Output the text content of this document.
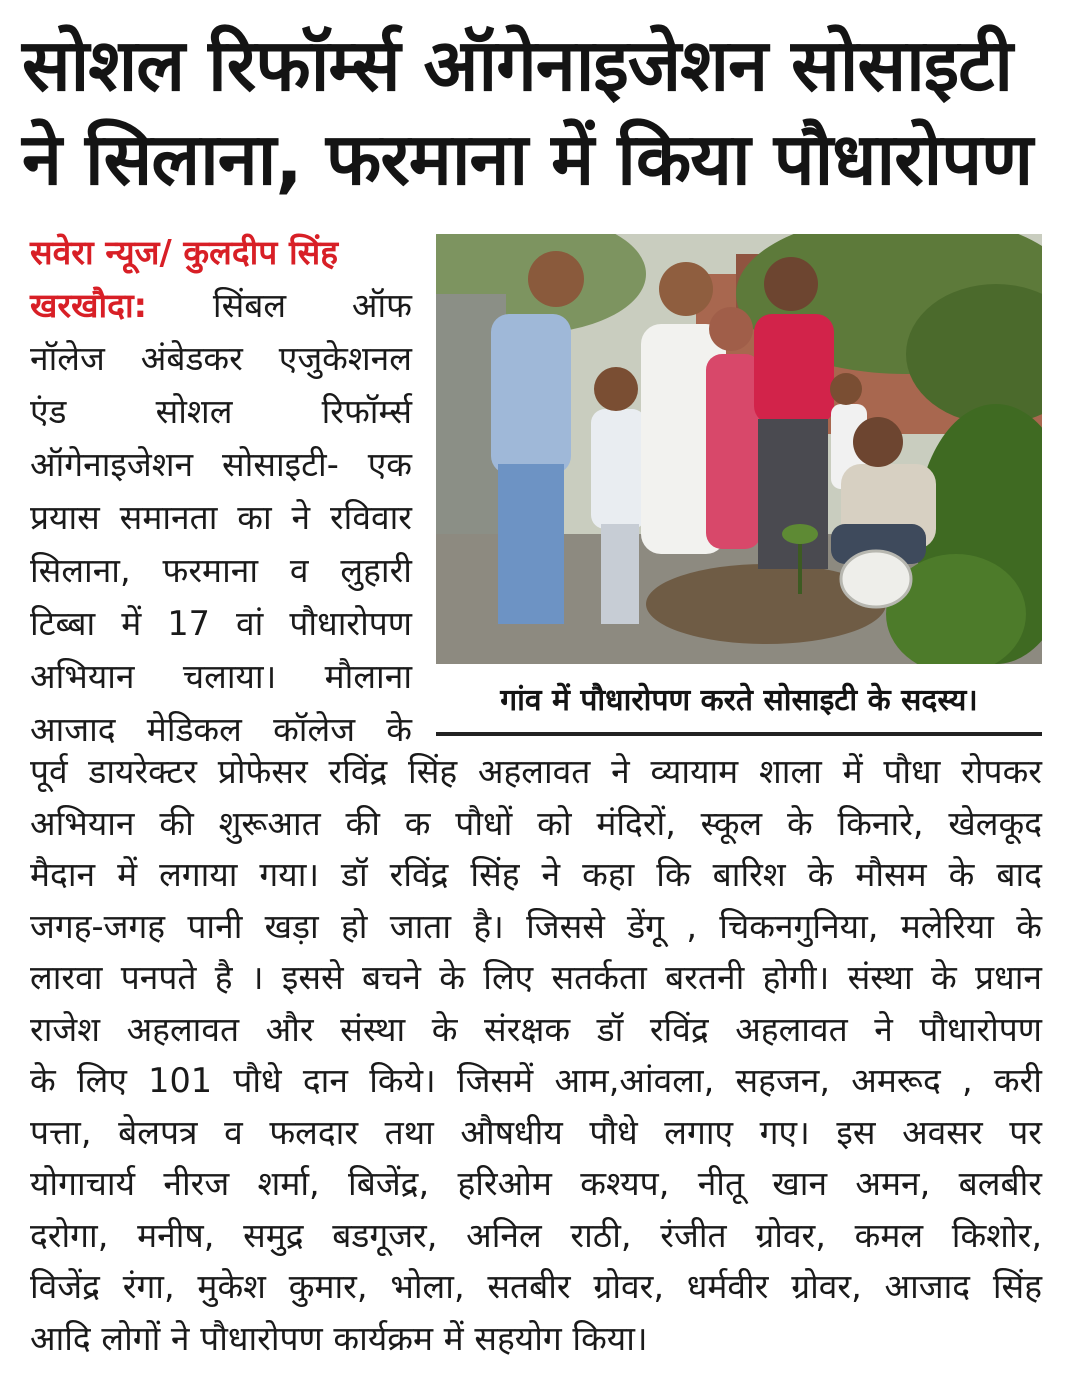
सोशल रिफॉर्म्स ऑगेनाइजेशन सोसाइटी
ने सिलाना, फरमाना में किया पौधारोपण
सवेरा न्यूज/ कुलदीप सिंह
खरखौदा: सिंबल ऑफ
नॉलेज अंबेडकर एजुकेशनल
एंड सोशल रिफॉर्म्स
ऑगेनाइजेशन सोसाइटी- एक
प्रयास समानता का ने रविवार
सिलाना, फरमाना व लुहारी
टिब्बा में 17 वां पौधारोपण
अभियान चलाया। मौलाना
आजाद मेडिकल कॉलेज के
गांव में पौधारोपण करते सोसाइटी के सदस्य।
पूर्व डायरेक्टर प्रोफेसर रविंद्र सिंह अहलावत ने व्यायाम शाला में पौधा रोपकर
अभियान की शुरूआत की क पौधों को मंदिरों, स्कूल के किनारे, खेलकूद
मैदान में लगाया गया। डॉ रविंद्र सिंह ने कहा कि बारिश के मौसम के बाद
जगह-जगह पानी खड़ा हो जाता है। जिससे डेंगू , चिकनगुनिया, मलेरिया के
लारवा पनपते है । इससे बचने के लिए सतर्कता बरतनी होगी। संस्था के प्रधान
राजेश अहलावत और संस्था के संरक्षक डॉ रविंद्र अहलावत ने पौधारोपण
के लिए 101 पौधे दान किये। जिसमें आम,आंवला, सहजन, अमरूद , करी
पत्ता, बेलपत्र व फलदार तथा औषधीय पौधे लगाए गए। इस अवसर पर
योगाचार्य नीरज शर्मा, बिजेंद्र, हरिओम कश्यप, नीतू खान अमन, बलबीर
दरोगा, मनीष, समुद्र बडगूजर, अनिल राठी, रंजीत ग्रोवर, कमल किशोर,
विजेंद्र रंगा, मुकेश कुमार, भोला, सतबीर ग्रोवर, धर्मवीर ग्रोवर, आजाद सिंह
आदि लोगों ने पौधारोपण कार्यक्रम में सहयोग किया।
